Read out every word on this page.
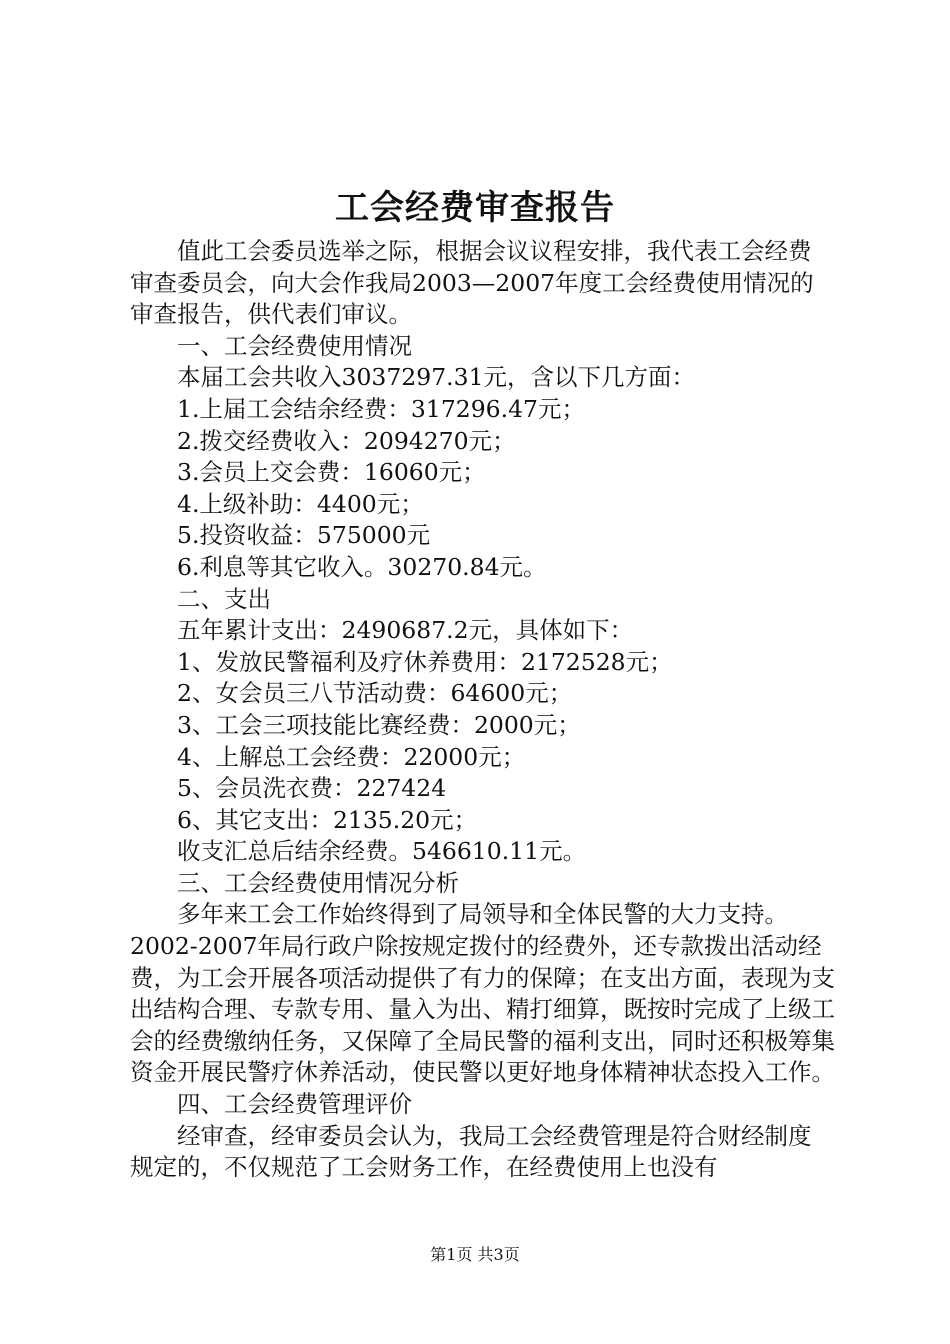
工会经费审查报告

值此工会委员选举之际，根据会议议程安排，我代表工会经费审查委员会，向大会作我局2003—2007年度工会经费使用情况的审查报告，供代表们审议。

一、工会经费使用情况

本届工会共收入3037297.31元，含以下几方面：

1.上届工会结余经费：317296.47元；

2.拨交经费收入：2094270元；

3.会员上交会费：16060元；

4.上级补助：4400元；

5.投资收益：575000元

6.利息等其它收入。30270.84元。

二、支出

五年累计支出：2490687.2元，具体如下：

1、发放民警福利及疗休养费用：2172528元；

2、女会员三八节活动费：64600元；

3、工会三项技能比赛经费：2000元；

4、上解总工会经费：22000元；

5、会员洗衣费：227424

6、其它支出：2135.20元；

收支汇总后结余经费。546610.11元。

三、工会经费使用情况分析

多年来工会工作始终得到了局领导和全体民警的大力支持。2002-2007年局行政户除按规定拨付的经费外，还专款拨出活动经费，为工会开展各项活动提供了有力的保障；在支出方面，表现为支出结构合理、专款专用、量入为出、精打细算，既按时完成了上级工会的经费缴纳任务，又保障了全局民警的福利支出，同时还积极筹集资金开展民警疗休养活动，使民警以更好地身体精神状态投入工作。

四、工会经费管理评价

经审查，经审委员会认为，我局工会经费管理是符合财经制度规定的，不仅规范了工会财务工作，在经费使用上也没有

第1页 共3页
